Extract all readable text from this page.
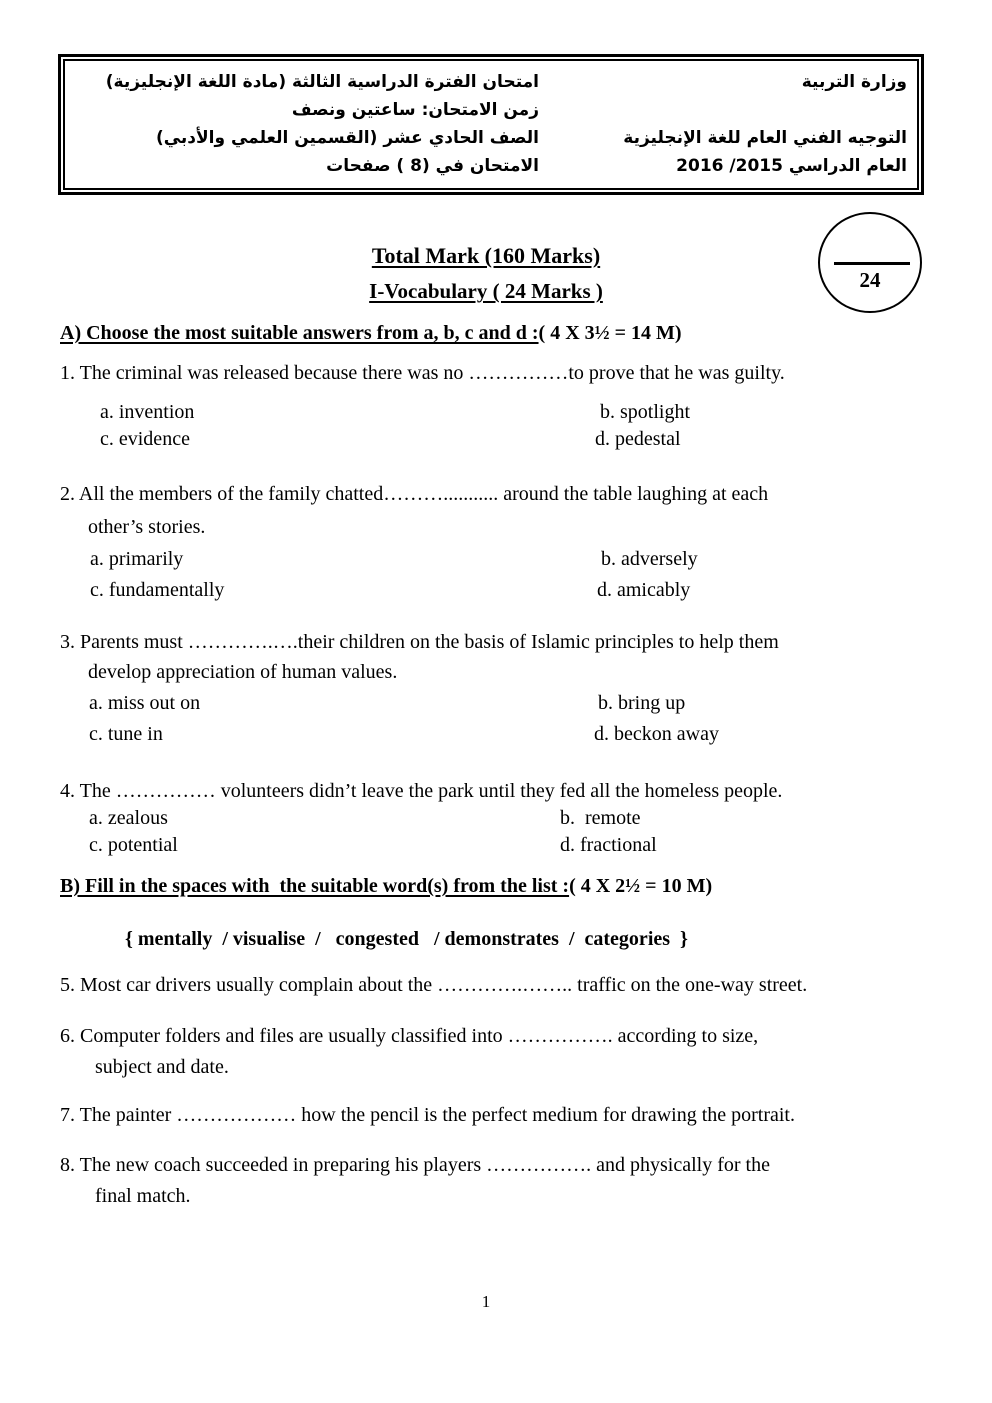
امتحان الفترة الدراسية الثالثة (مادة اللغة الإنجليزية)
زمن الامتحان: ساعتين ونصف
الصف الحادي عشر (القسمين العلمي والأدبي)
الامتحان في (8 ) صفحات
وزارة التربية
التوجيه الفني العام للغة الإنجليزية
العام الدراسي 2015/ 2016
24
Total Mark (160 Marks)
I-Vocabulary ( 24 Marks )
A) Choose the most suitable answers from a, b, c and d :( 4 X 3½ = 14 M)
1. The criminal was released because there was no ……………to prove that he was guilty.
a. invention	b. spotlight
c. evidence	d. pedestal
2. All the members of the family chatted………........... around the table laughing at each
other’s stories.
a. primarily	b. adversely
c. fundamentally	d. amicably
3. Parents must ………….….their children on the basis of Islamic principles to help them
develop appreciation of human values.
a. miss out on	b. bring up
c. tune in	d. beckon away
4. The …………… volunteers didn’t leave the park until they fed all the homeless people.
a. zealous	b.  remote
c. potential	d. fractional
B) Fill in the spaces with  the suitable word(s) from the list :( 4 X 2½ = 10 M)
{ mentally  / visualise  /   congested   / demonstrates  /  categories  }
5. Most car drivers usually complain about the ………….…….. traffic on the one-way street.
6. Computer folders and files are usually classified into ……………. according to size,
subject and date.
7. The painter ……………… how the pencil is the perfect medium for drawing the portrait.
8. The new coach succeeded in preparing his players ……………. and physically for the
final match.
1
